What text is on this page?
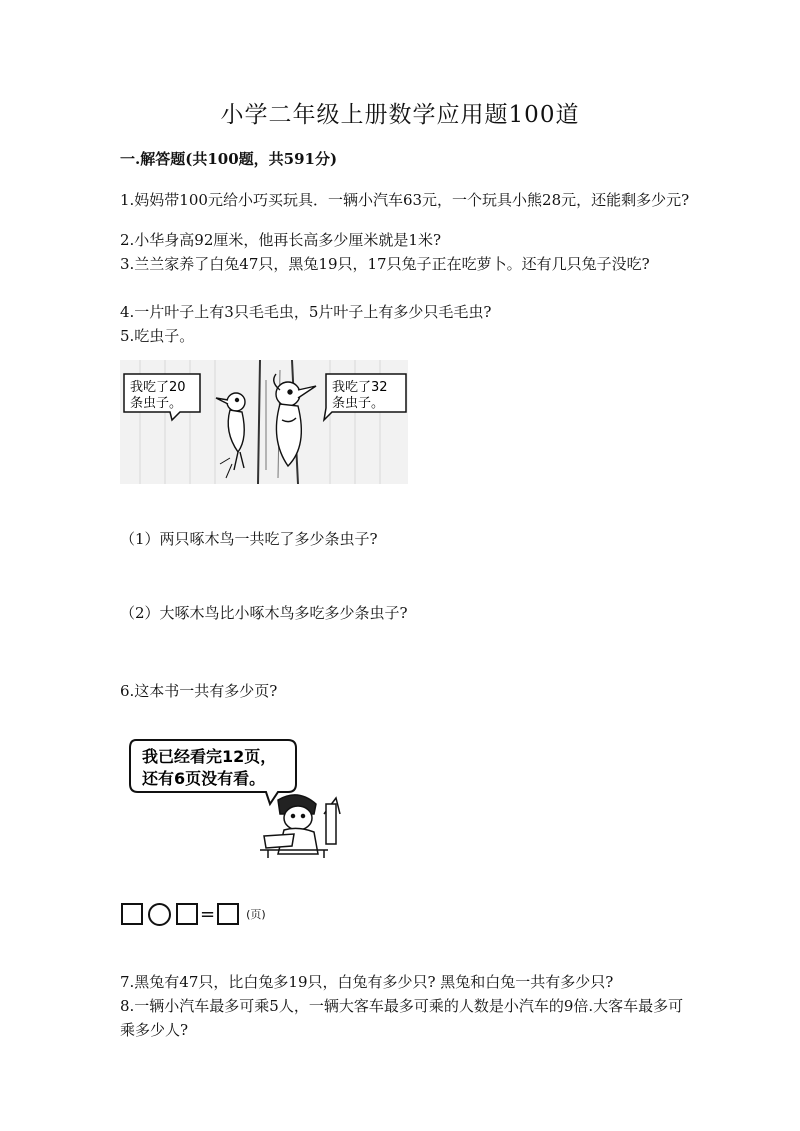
小学二年级上册数学应用题100道
一.解答题(共100题，共591分)
1.妈妈带100元给小巧买玩具．一辆小汽车63元，一个玩具小熊28元，还能剩多少元?
2.小华身高92厘米，他再长高多少厘米就是1米?
3.兰兰家养了白兔47只，黑兔19只，17只兔子正在吃萝卜。还有几只兔子没吃?
4.一片叶子上有3只毛毛虫，5片叶子上有多少只毛毛虫?
5.吃虫子。
我吃了20
条虫子。
我吃了32
条虫子。
（1）两只啄木鸟一共吃了多少条虫子?
（2）大啄木鸟比小啄木鸟多吃多少条虫子?
6.这本书一共有多少页?
我已经看完12页，
还有6页没有看。
=	(页)
7.黑兔有47只，比白兔多19只，白兔有多少只? 黑兔和白兔一共有多少只?
8.一辆小汽车最多可乘5人，一辆大客车最多可乘的人数是小汽车的9倍.大客车最多可乘多少人?
